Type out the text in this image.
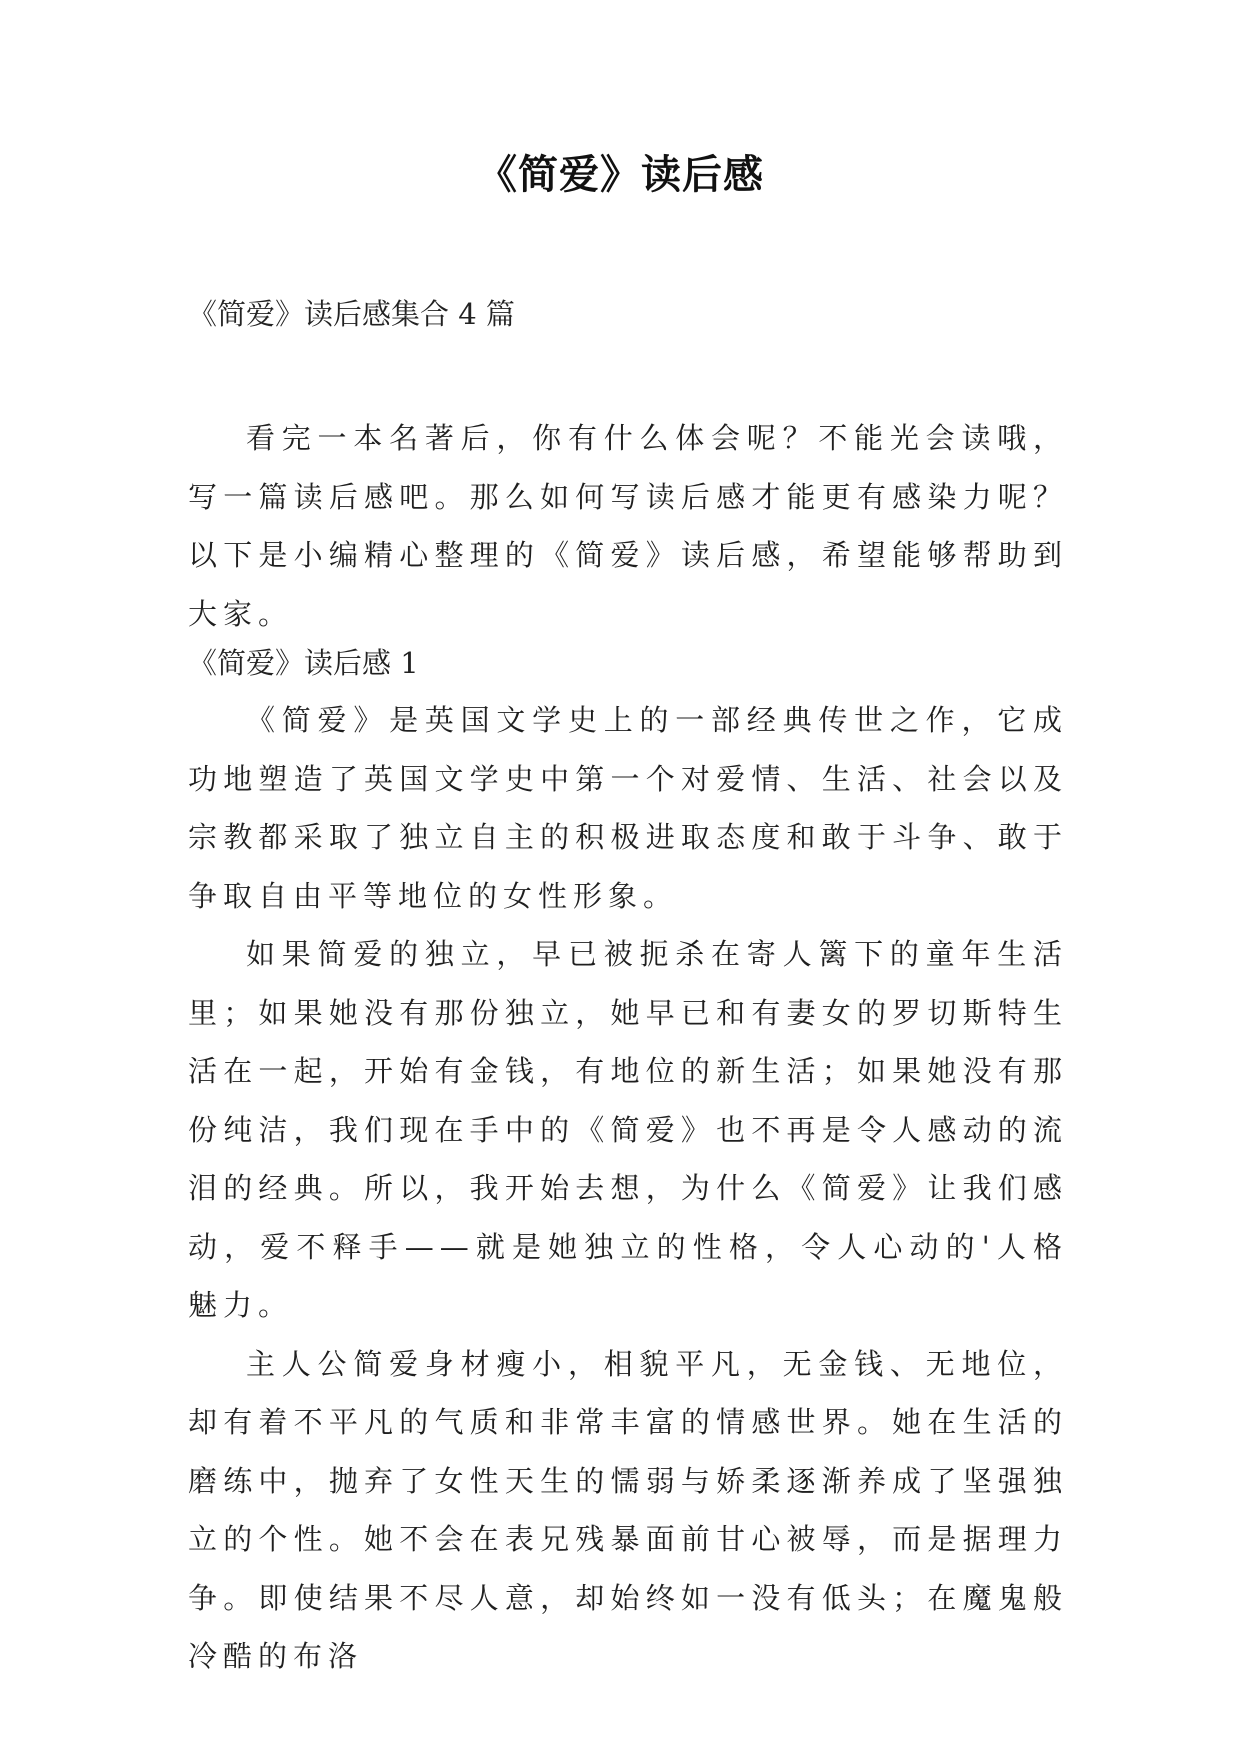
《简爱》读后感
《简爱》读后感集合 4 篇

看完一本名著后，你有什么体会呢？不能光会读哦，写一篇读后感吧。那么如何写读后感才能更有感染力呢？以下是小编精心整理的《简爱》读后感，希望能够帮助到大家。

《简爱》读后感 1

《简爱》是英国文学史上的一部经典传世之作，它成功地塑造了英国文学史中第一个对爱情、生活、社会以及宗教都采取了独立自主的积极进取态度和敢于斗争、敢于争取自由平等地位的女性形象。

如果简爱的独立，早已被扼杀在寄人篱下的童年生活里；如果她没有那份独立，她早已和有妻女的罗切斯特生活在一起，开始有金钱，有地位的新生活；如果她没有那份纯洁，我们现在手中的《简爱》也不再是令人感动的流泪的经典。所以，我开始去想，为什么《简爱》让我们感动，爱不释手——就是她独立的性格，令人心动的'人格魅力。

主人公简爱身材瘦小，相貌平凡，无金钱、无地位，却有着不平凡的气质和非常丰富的情感世界。她在生活的磨练中，抛弃了女性天生的懦弱与娇柔逐渐养成了坚强独立的个性。她不会在表兄残暴面前甘心被辱，而是据理力争。即使结果不尽人意，却始终如一没有低头；在魔鬼般冷酷的布洛
